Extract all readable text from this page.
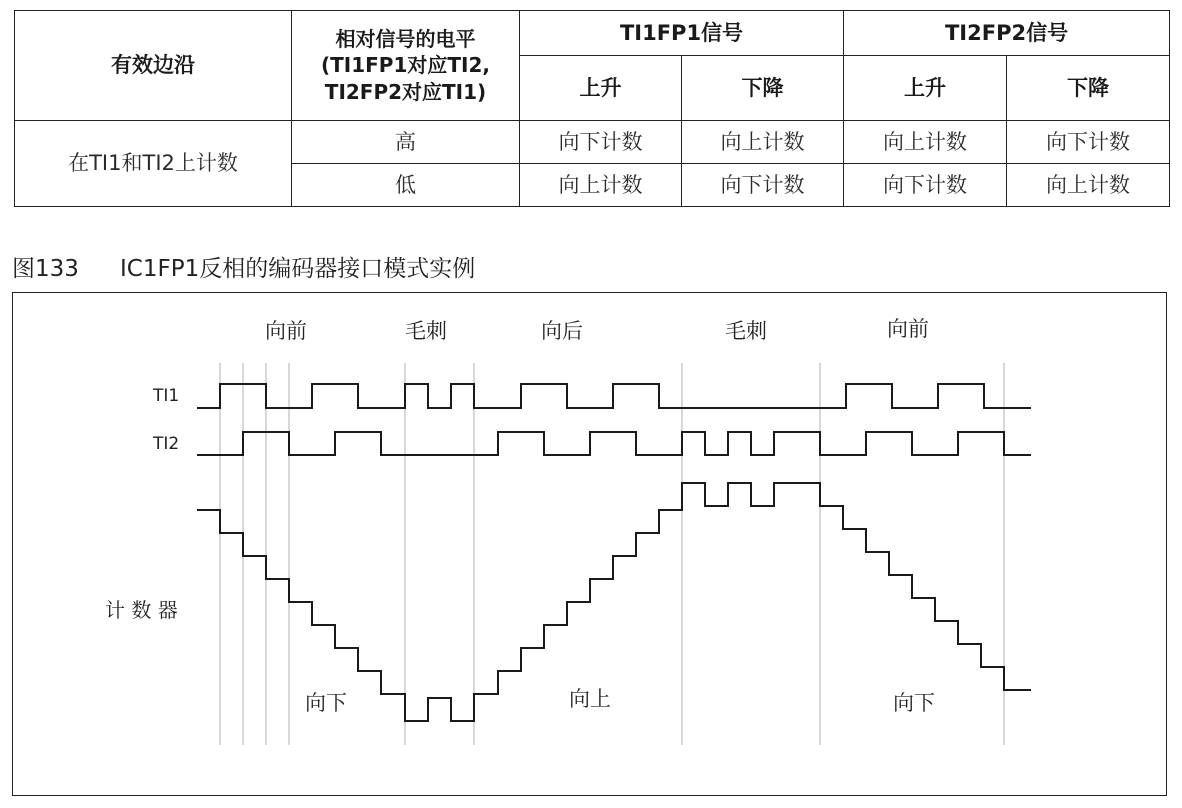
有效边沿	相对信号的电平
(TI1FP1对应TI2,
TI2FP2对应TI1)	TI1FP1信号		TI2FP2信号	
		上升	下降	上升	下降
在TI1和TI2上计数	高	向下计数	向上计数	向上计数	向下计数
	低	向上计数	向下计数	向下计数	向上计数
图133 IC1FP1反相的编码器接口模式实例
TI1
TI2
计 数 器
向前	毛刺	向后	毛刺	向前
向下	向上	向下
